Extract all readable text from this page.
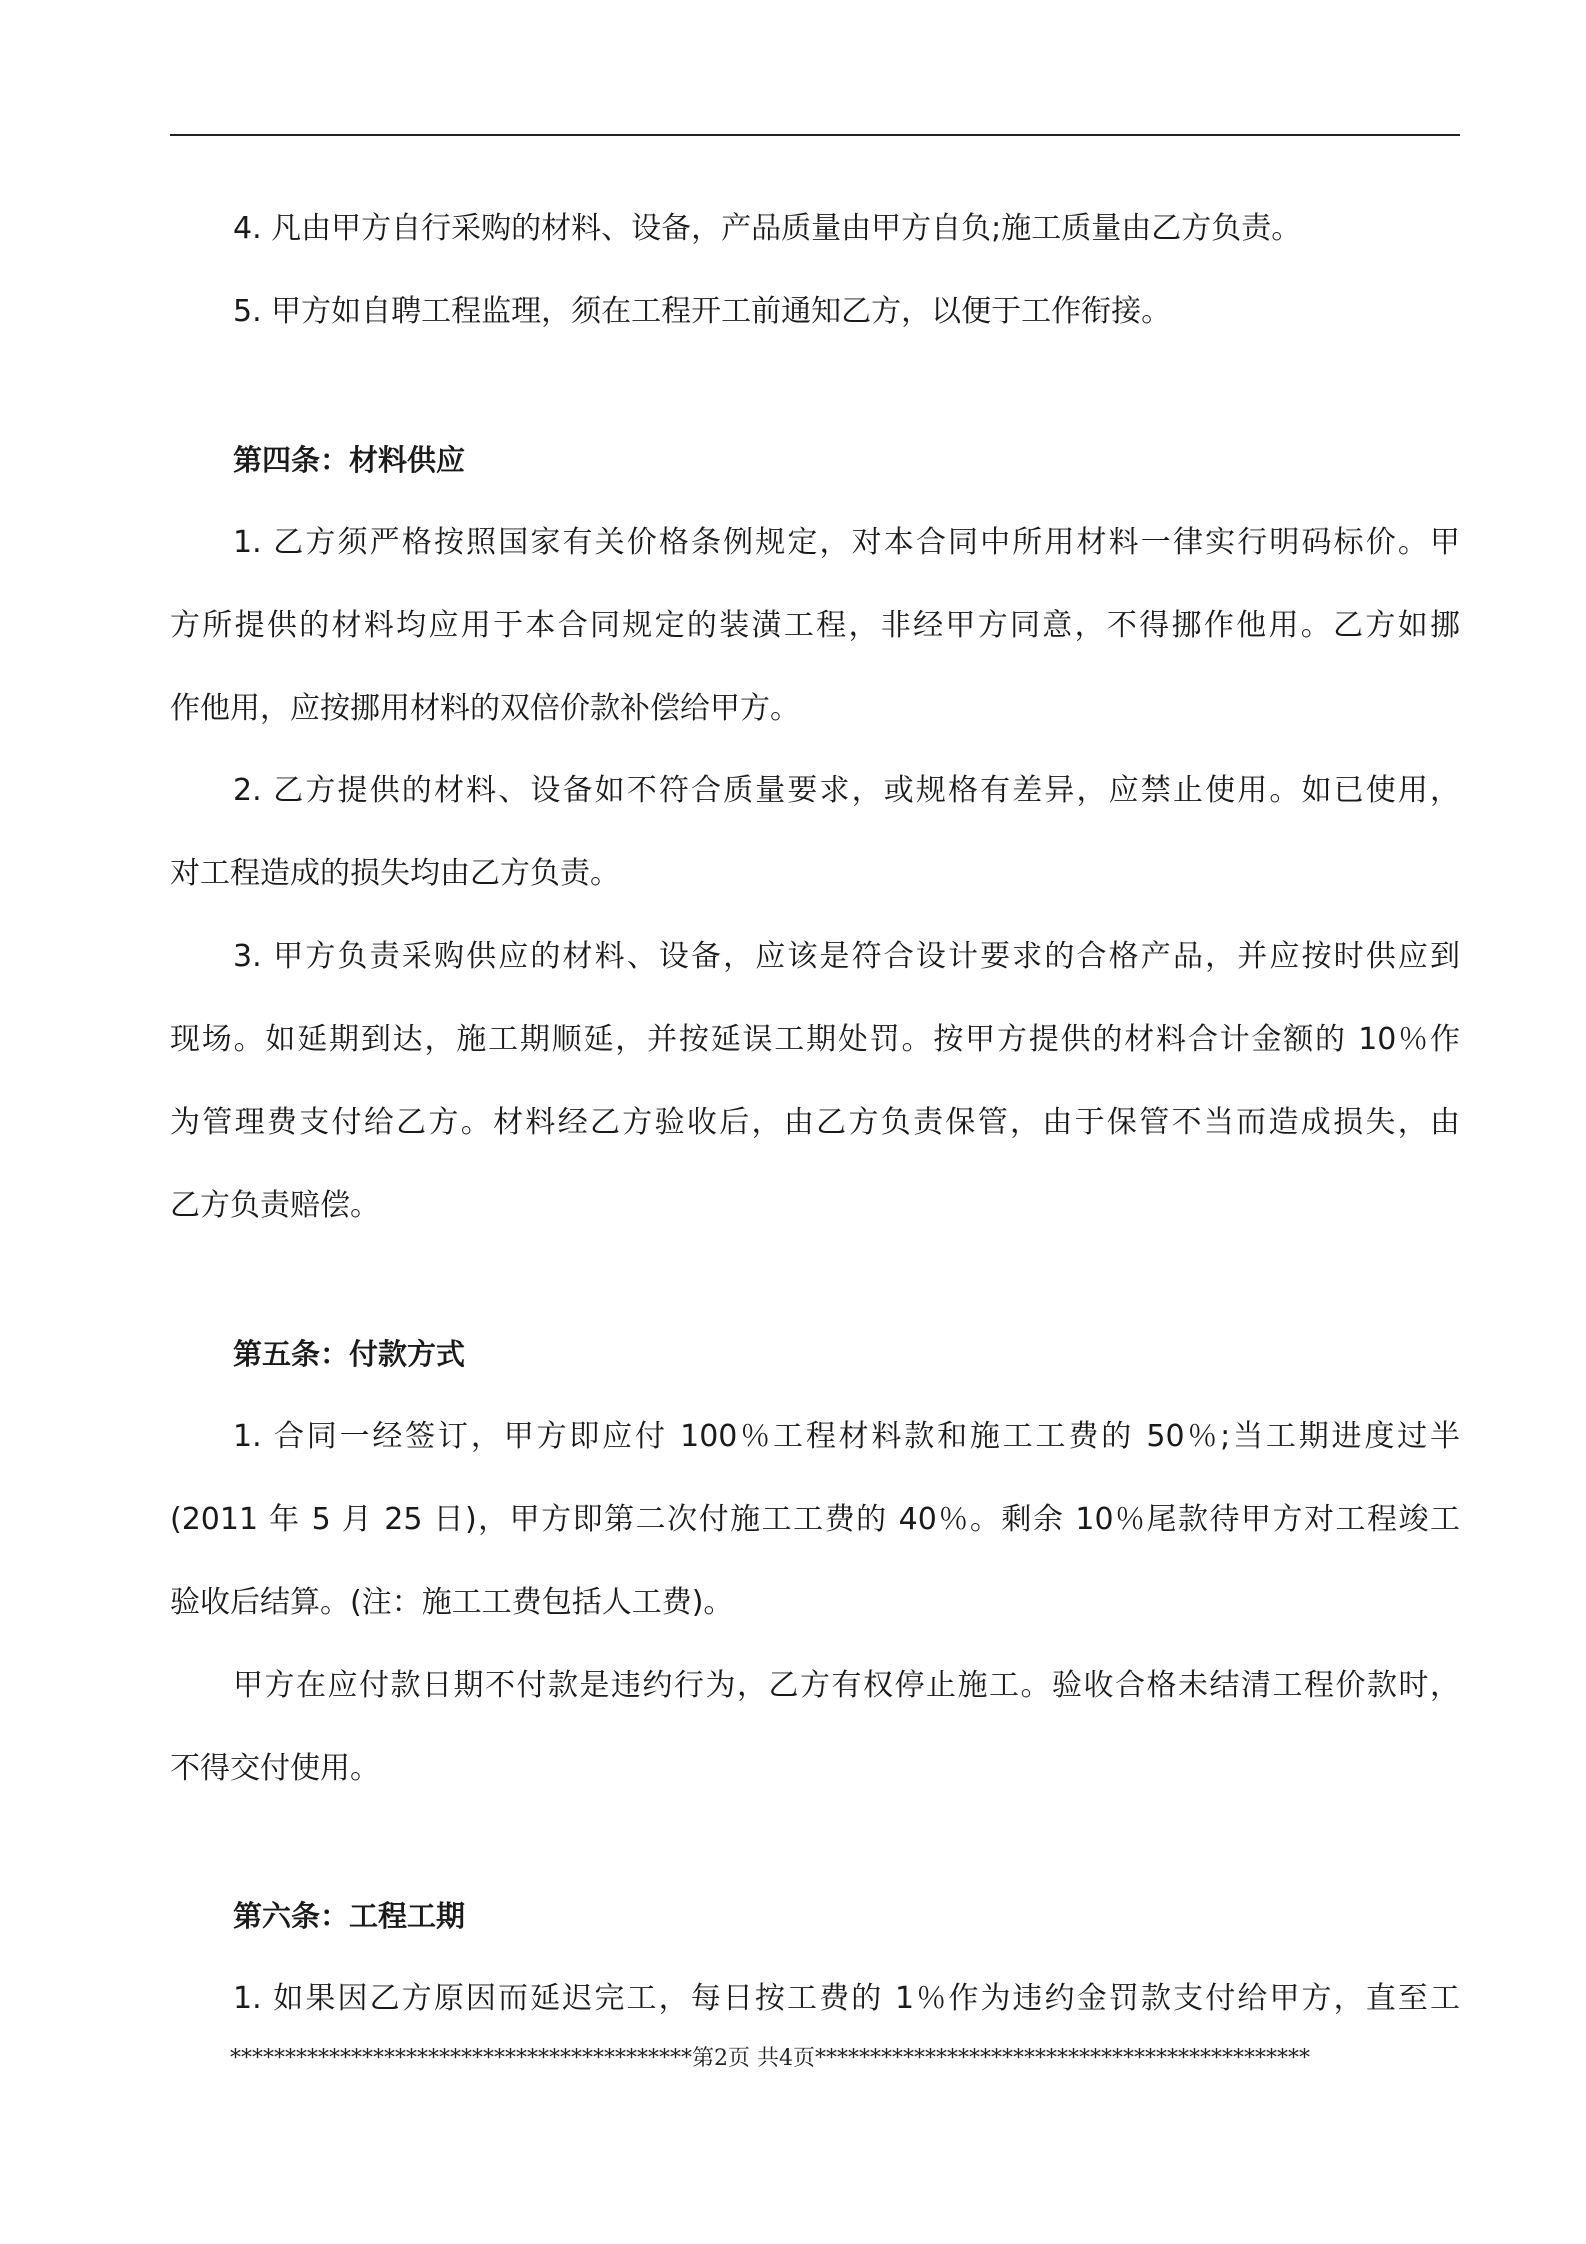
4. 凡由甲方自行采购的材料、设备，产品质量由甲方自负;施工质量由乙方负责。
5. 甲方如自聘工程监理，须在工程开工前通知乙方，以便于工作衔接。
第四条：材料供应
1. 乙方须严格按照国家有关价格条例规定，对本合同中所用材料一律实行明码标价。甲
方所提供的材料均应用于本合同规定的装潢工程，非经甲方同意，不得挪作他用。乙方如挪
作他用，应按挪用材料的双倍价款补偿给甲方。
2. 乙方提供的材料、设备如不符合质量要求，或规格有差异，应禁止使用。如已使用，
对工程造成的损失均由乙方负责。
3. 甲方负责采购供应的材料、设备，应该是符合设计要求的合格产品，并应按时供应到
现场。如延期到达，施工期顺延，并按延误工期处罚。按甲方提供的材料合计金额的 10％作
为管理费支付给乙方。材料经乙方验收后，由乙方负责保管，由于保管不当而造成损失，由
乙方负责赔偿。
第五条：付款方式
1. 合同一经签订，甲方即应付 100％工程材料款和施工工费的 50％;当工期进度过半
(2011 年 5 月 25 日)，甲方即第二次付施工工费的 40％。剩余 10％尾款待甲方对工程竣工
验收后结算。(注：施工工费包括人工费)。
甲方在应付款日期不付款是违约行为，乙方有权停止施工。验收合格未结清工程价款时，
不得交付使用。
第六条：工程工期
1. 如果因乙方原因而延迟完工，每日按工费的 1％作为违约金罚款支付给甲方，直至工
******************************************第2页 共4页*********************************************
